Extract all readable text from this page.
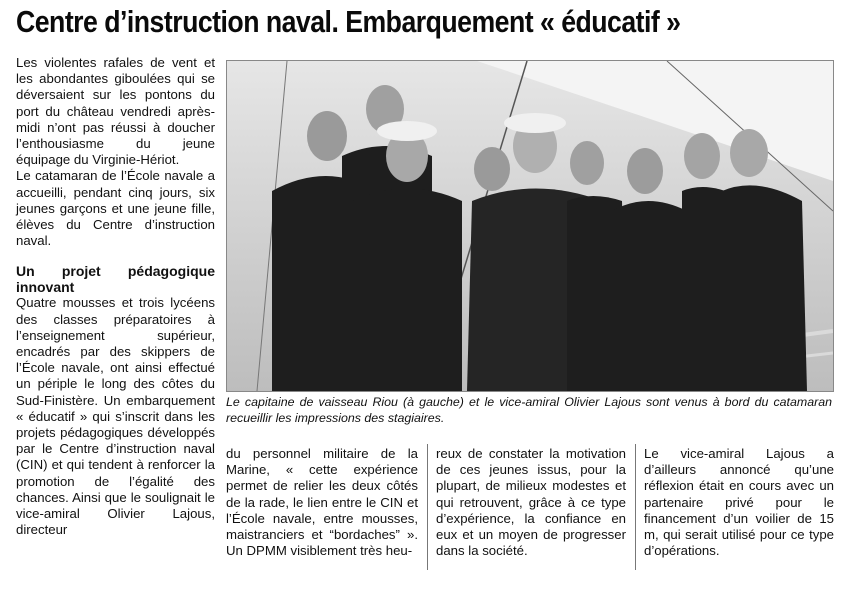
Centre d’instruction naval. Embarquement « éducatif »

Les violentes rafales de vent et les abondantes giboulées qui se déversaient sur les pontons du port du château vendredi après-midi n’ont pas réussi à doucher l’enthousiasme du jeune équipage du Virginie-Hériot.

Le catamaran de l’École navale a accueilli, pendant cinq jours, six jeunes garçons et une jeune fille, élèves du Centre d’instruction naval.

Un projet pédagogique innovant

Quatre mousses et trois lycéens des classes préparatoires à l’enseignement supérieur, encadrés par des skippers de l’École navale, ont ainsi effectué un périple le long des côtes du Sud-Finistère. Un embarquement « éducatif » qui s’inscrit dans les projets pédagogiques développés par le Centre d’instruction naval (CIN) et qui tendent à renforcer la promotion de l’égalité des chances. Ainsi que le soulignait le vice-amiral Olivier Lajous, directeur

Le capitaine de vaisseau Riou (à gauche) et le vice-amiral Olivier Lajous sont venus à bord du catamaran recueillir les impressions des stagiaires.
du personnel militaire de la Marine, « cette expérience permet de relier les deux côtés de la rade, le lien entre le CIN et l’École navale, entre mousses, maistranciers et “bordaches” ». Un DPMM visiblement très heu-
reux de constater la motivation de ces jeunes issus, pour la plupart, de milieux modestes et qui retrouvent, grâce à ce type d’expérience, la confiance en eux et un moyen de progresser dans la société.
Le vice-amiral Lajous a d’ailleurs annoncé qu’une réflexion était en cours avec un partenaire privé pour le financement d’un voilier de 15 m, qui serait utilisé pour ce type d’opérations.
